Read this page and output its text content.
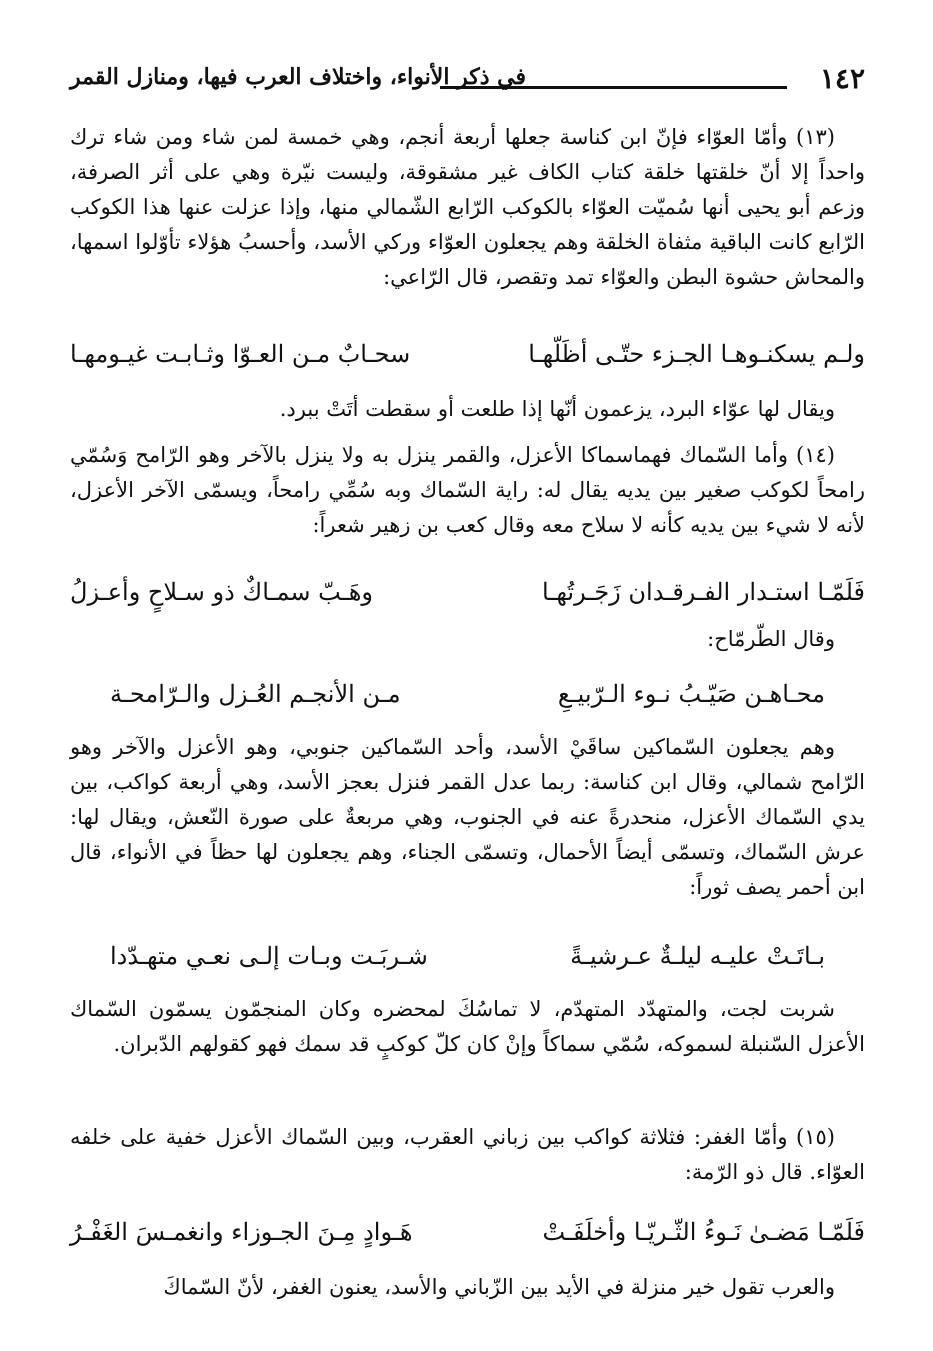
١٤٢
في ذكر الأنواء، واختلاف العرب فيها، ومنازل القمر

(١٣) وأمّا العوّاء فإنّ ابن كناسة جعلها أربعة أنجم، وهي خمسة لمن شاء ومن شاء ترك واحداً إلا أنّ خلقتها خلقة كتاب الكاف غير مشقوقة، وليست نيّرة وهي على أثر الصرفة، وزعم أبو يحيى أنها سُميّت العوّاء بالكوكب الرّابع الشّمالي منها، وإذا عزلت عنها هذا الكوكب الرّابع كانت الباقية مثفاة الخلقة وهم يجعلون العوّاء وركي الأسد، وأحسبُ هؤلاء تأوّلوا اسمها، والمحاش حشوة البطن والعوّاء تمد وتقصر، قال الرّاعي:

ولـم يسكنـوهـا الجـزء حتّـى أظَلّهـا
سحـابٌ مـن العـوّا وثـابـت غيـومهـا

ويقال لها عوّاء البرد، يزعمون أنّها إذا طلعت أو سقطت أتَتْ ببرد.

(١٤) وأما السّماك فهماسماكا الأعزل، والقمر ينزل به ولا ينزل بالآخر وهو الرّامح وَسُمّي رامحاً لكوكب صغير بين يديه يقال له: راية السّماك وبه سُمِّي رامحاً، ويسمّى الآخر الأعزل، لأنه لا شيء بين يديه كأنه لا سلاح معه وقال كعب بن زهير شعراً:

فَلَمّـا استـدار الفـرقـدان زَجَـرتُهـا
وهَـبّ سمـاكٌ ذو سـلاحٍ وأعـزلُ

وقال الطّرمّاح:

محـاهـن صَيّـبُ نـوء الـرّبيـعِ
مـن الأنجـم العُـزل والـرّامحـة

وهم يجعلون السّماكين ساقَيْ الأسد، وأحد السّماكين جنوبي، وهو الأعزل والآخر وهو الرّامح شمالي، وقال ابن كناسة: ربما عدل القمر فنزل بعجز الأسد، وهي أربعة كواكب، بين يدي السّماك الأعزل، منحدرةً عنه في الجنوب، وهي مربعةٌ على صورة النّعش، ويقال لها: عرش السّماك، وتسمّى أيضاً الأحمال، وتسمّى الجناء، وهم يجعلون لها حظاً في الأنواء، قال ابن أحمر يصف ثوراً:

بـاتَـتْ عليـه ليلـةٌ عـرشيـةً
شـربَـت وبـات إلـى نعـي متهـدّدا

شربت لجت، والمتهدّد المتهدّم، لا تماسُكَ لمحضره وكان المنجمّون يسمّون السّماك الأعزل السّنبلة لسموكه، سُمّي سماكاً وإنْ كان كلّ كوكبٍ قد سمك فهو كقولهم الدّبران.

(١٥) وأمّا الغفر: فثلاثة كواكب بين زباني العقرب، وبين السّماك الأعزل خفية على خلفه العوّاء. قال ذو الرّمة:

فَلَمّـا مَضـىٰ نَـوءُ الثّـريّـا وأخلَفَـتْ
هَـوادٍ مِـنَ الجـوزاء وانغمـسَ الغَفْـرُ

والعرب تقول خير منزلة في الأيد بين الزّباني والأسد، يعنون الغفر، لأنّ السّماكَ
